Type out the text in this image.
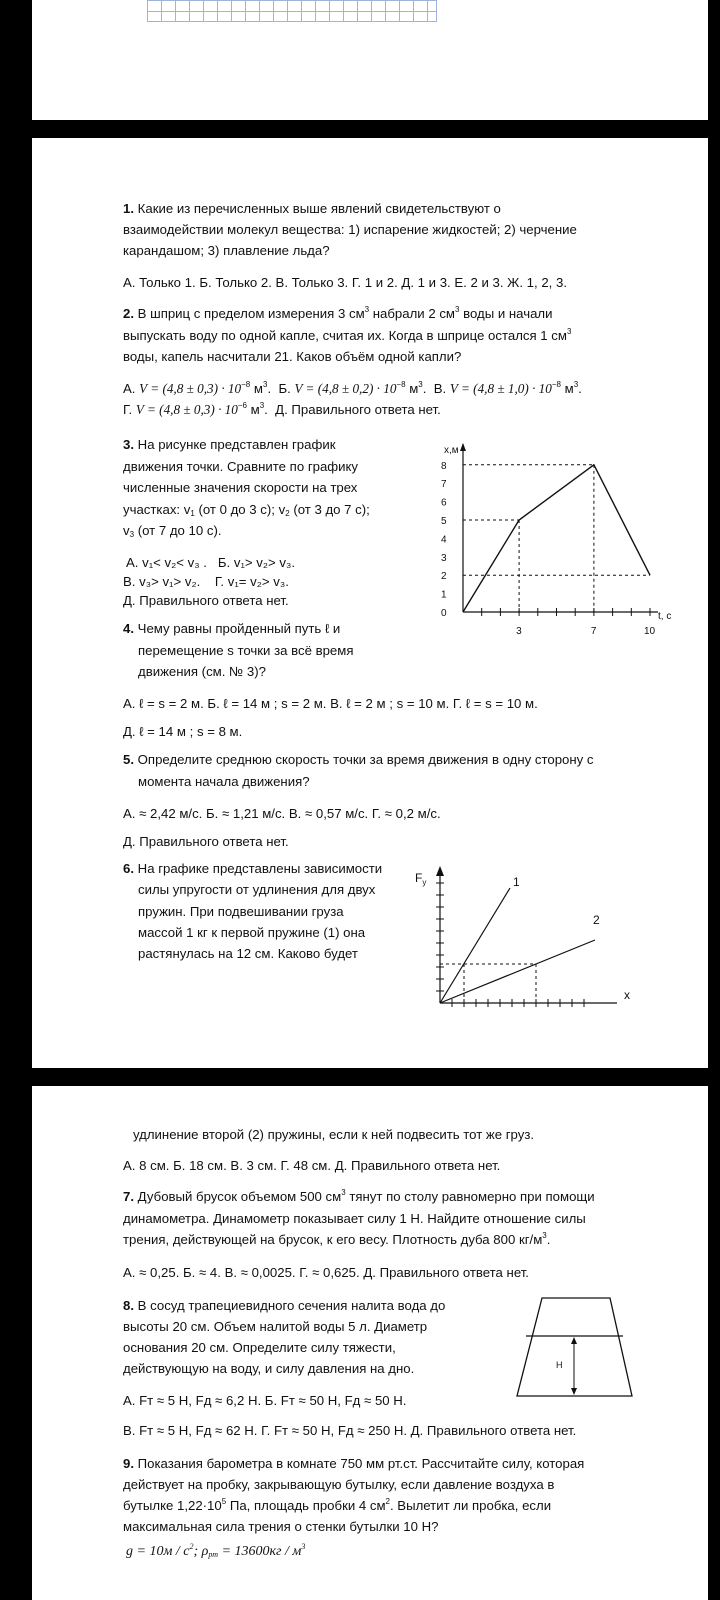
1. Какие из перечисленных выше явлений свидетельствуют о
взаимодействии молекул вещества: 1) испарение жидкостей; 2) черчение
карандашом; 3) плавление льда?
А. Только 1. Б. Только 2. В. Только 3. Г. 1 и 2. Д. 1 и 3. Е. 2 и 3. Ж. 1, 2, 3.
2. В шприц с пределом измерения 3 $см^3$ набрали 2 $см^3$ воды и начали
выпускать воду по одной капле, считая их. Когда в шприце остался 1 $см^3$
воды, капель насчитали 21. Каков объём одной капли?
А. $V = (4,8 \pm 0,3) \cdot 10^{-8}$ $м^3$. Б. $V = (4,8 \pm 0,2) \cdot 10^{-8}$ $м^3$. В. $V = (4,8 \pm 1,0) \cdot 10^{-8}$ $м^3$.
Г. $V = (4,8 \pm 0,3) \cdot 10^{-6}$ $м^3$. Д. Правильного ответа нет.
3. На рисунке представлен график
движения точки. Сравните по графику
численные значения скорости на трех
участках: $v_1$ (от 0 до 3 с); $v_2$ (от 3 до 7 с);
$v_3$ (от 7 до 10 с).
А. v₁< v₂< v₃ . Б. v₁> v₂> v₃.
В. v₃> v₁> v₂. Г. v₁= v₂> v₃.
Д. Правильного ответа нет.
x,м
t, c
0
1
2
3
4
5
6
7
8
3	7	10
4. Чему равны пройденный путь ℓ и
перемещение s точки за всё время
движения (см. № 3)?
А. ℓ = s = 2 м. Б. ℓ = 14 м ; s = 2 м. В. ℓ = 2 м ; s = 10 м. Г. ℓ = s = 10 м.
Д. ℓ = 14 м ; s = 8 м.
5. Определите среднюю скорость точки за время движения в одну сторону с
момента начала движения?
А. ≈ 2,42 м/с. Б. ≈ 1,21 м/с. В. ≈ 0,57 м/с. Г. ≈ 0,2 м/с.
Д. Правильного ответа нет.
6. На графике представлены зависимости
силы упругости от удлинения для двух
пружин. При подвешивании груза
массой 1 кг к первой пружине (1) она
растянулась на 12 см. Каково будет
$F_у$
x
1
2
удлинение второй (2) пружины, если к ней подвесить тот же груз.
А. 8 см. Б. 18 см. В. 3 см. Г. 48 см. Д. Правильного ответа нет.
7. Дубовый брусок объемом 500 $см^3$ тянут по столу равномерно при помощи
динамометра. Динамометр показывает силу 1 Н. Найдите отношение силы
трения, действующей на брусок, к его весу. Плотность дуба 800 $кг/м^3$.
А. ≈ 0,25. Б. ≈ 4. В. ≈ 0,0025. Г. ≈ 0,625. Д. Правильного ответа нет.
8. В сосуд трапециевидного сечения налита вода до
высоты 20 см. Объем налитой воды 5 л. Диаметр
основания 20 см. Определите силу тяжести,
действующую на воду, и силу давления на дно.
А. Fт ≈ 5 Н, Fд ≈ 6,2 Н. Б. Fт ≈ 50 Н, Fд ≈ 50 Н.
В. Fт ≈ 5 Н, Fд ≈ 62 Н. Г. Fт ≈ 50 Н, Fд ≈ 250 Н. Д. Правильного ответа нет.
H
9. Показания барометра в комнате 750 мм рт.ст. Рассчитайте силу, которая
действует на пробку, закрывающую бутылку, если давление воздуха в
бутылке $1,22\cdot 10^5$ Па, площадь пробки 4 $см^2$. Вылетит ли пробка, если
максимальная сила трения о стенки бутылки 10 Н?
$g = 10м / с^2$; $\rho_{рт} = 13600кг / м^3$
